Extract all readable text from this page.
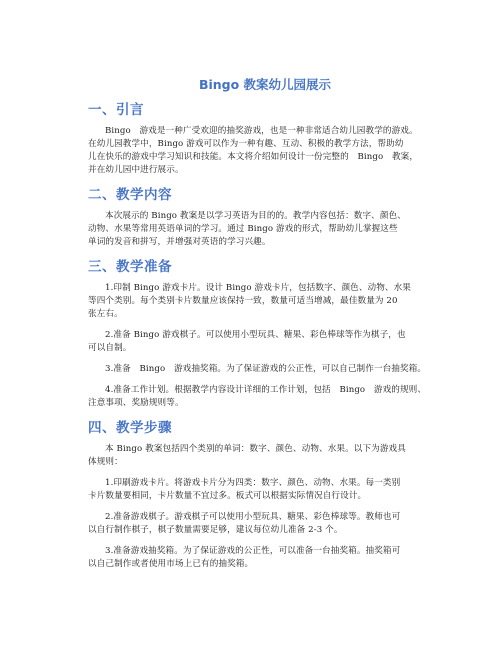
Bingo 教案幼儿园展示
一、引言
Bingo　游戏是一种广受欢迎的抽奖游戏，也是一种非常适合幼儿园教学的游戏。
在幼儿园教学中，Bingo 游戏可以作为一种有趣、互动、积极的教学方法，帮助幼
儿在快乐的游戏中学习知识和技能。本文将介绍如何设计一份完整的　Bingo　教案，
并在幼儿园中进行展示。
二、教学内容
本次展示的 Bingo 教案是以学习英语为目的的。教学内容包括：数字、颜色、
动物、水果等常用英语单词的学习。通过 Bingo 游戏的形式，帮助幼儿掌握这些
单词的发音和拼写，并增强对英语的学习兴趣。
三、教学准备
1.印制 Bingo 游戏卡片。设计 Bingo 游戏卡片，包括数字、颜色、动物、水果
等四个类别。每个类别卡片数量应该保持一致，数量可适当增减，最佳数量为 20
张左右。
2.准备 Bingo 游戏棋子。可以使用小型玩具、糖果、彩色棒球等作为棋子，也
可以自制。
3.准备　Bingo　游戏抽奖箱。为了保证游戏的公正性，可以自己制作一台抽奖箱。
4.准备工作计划。根据教学内容设计详细的工作计划，包括　Bingo　游戏的规则、
注意事项、奖励规则等。
四、教学步骤
本 Bingo 教案包括四个类别的单词：数字、颜色、动物、水果。以下为游戏具
体规则：
1.印刷游戏卡片。将游戏卡片分为四类：数字、颜色、动物、水果。每一类别
卡片数量要相同，卡片数量不宜过多。板式可以根据实际情况自行设计。
2.准备游戏棋子。游戏棋子可以使用小型玩具、糖果、彩色棒球等。教师也可
以自行制作棋子，棋子数量需要足够，建议每位幼儿准备 2-3 个。
3.准备游戏抽奖箱。为了保证游戏的公正性，可以准备一台抽奖箱。抽奖箱可
以自己制作或者使用市场上已有的抽奖箱。
